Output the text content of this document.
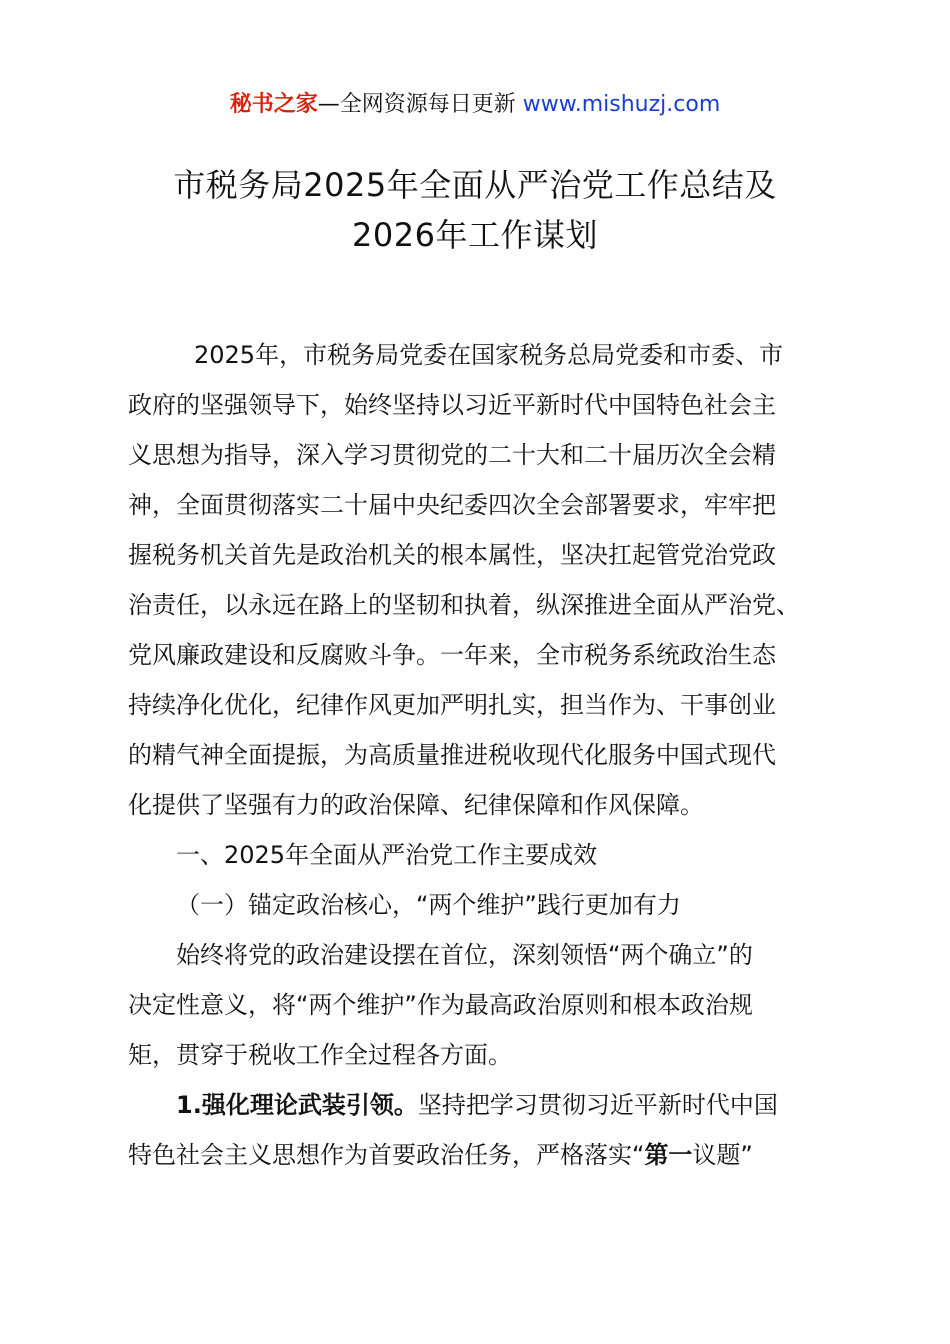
秘书之家—全网资源每日更新 www.mishuzj.com
市税务局2025年全面从严治党工作总结及
2026年工作谋划
2025年，市税务局党委在国家税务总局党委和市委、市
政府的坚强领导下，始终坚持以习近平新时代中国特色社会主
义思想为指导，深入学习贯彻党的二十大和二十届历次全会精
神，全面贯彻落实二十届中央纪委四次全会部署要求，牢牢把
握税务机关首先是政治机关的根本属性，坚决扛起管党治党政
治责任，以永远在路上的坚韧和执着，纵深推进全面从严治党、
党风廉政建设和反腐败斗争。一年来，全市税务系统政治生态
持续净化优化，纪律作风更加严明扎实，担当作为、干事创业
的精气神全面提振，为高质量推进税收现代化服务中国式现代
化提供了坚强有力的政治保障、纪律保障和作风保障。
一、2025年全面从严治党工作主要成效
（一）锚定政治核心，“两个维护”践行更加有力
始终将党的政治建设摆在首位，深刻领悟“两个确立”的
决定性意义，将“两个维护”作为最高政治原则和根本政治规
矩，贯穿于税收工作全过程各方面。
1.强化理论武装引领。坚持把学习贯彻习近平新时代中国
特色社会主义思想作为首要政治任务，严格落实“第一议题”
